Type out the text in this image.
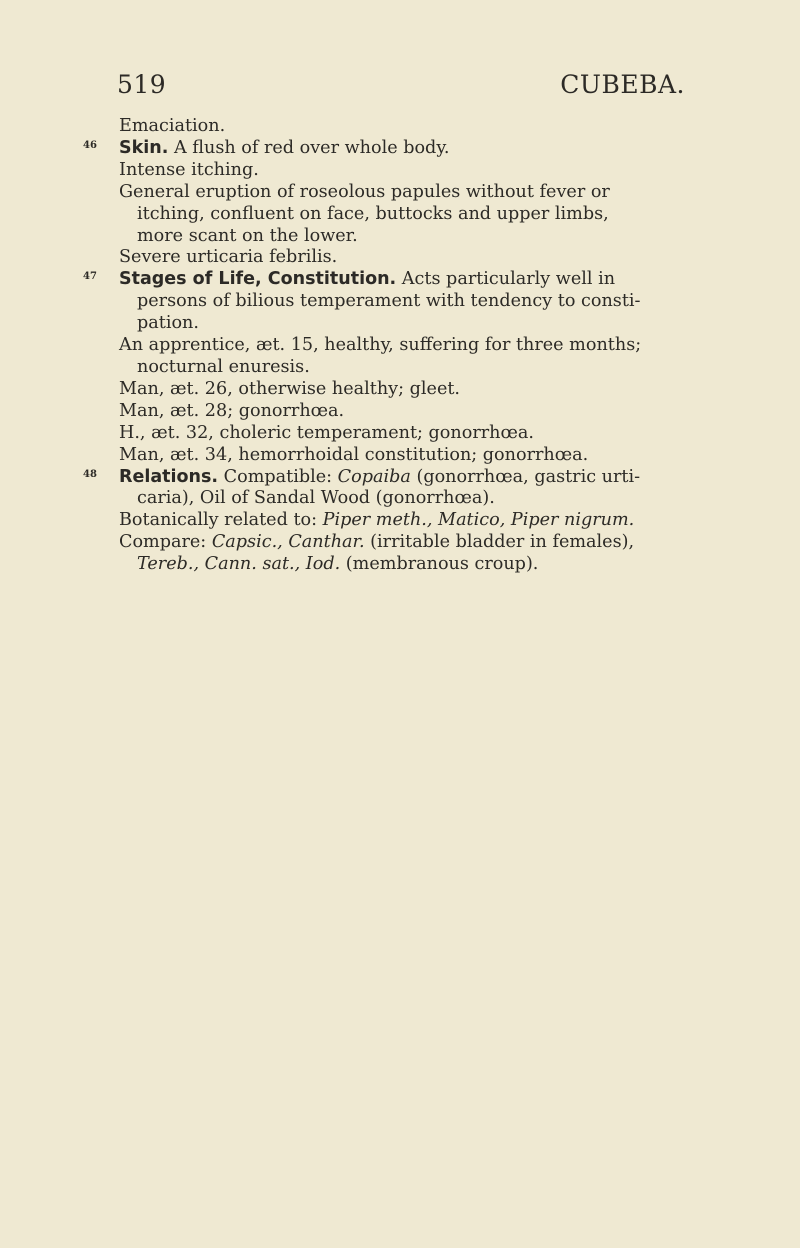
519	CUBEBA.
Emaciation.
46 Skin. A flush of red over whole body.
Intense itching.
General eruption of roseolous papules without fever or
itching, confluent on face, buttocks and upper limbs,
more scant on the lower.
Severe urticaria febrilis.
47 Stages of Life, Constitution. Acts particularly well in
persons of bilious temperament with tendency to consti-
pation.
An apprentice, æt. 15, healthy, suffering for three months;
nocturnal enuresis.
Man, æt. 26, otherwise healthy; gleet.
Man, æt. 28; gonorrhœa.
H., æt. 32, choleric temperament; gonorrhœa.
Man, æt. 34, hemorrhoidal constitution; gonorrhœa.
48 Relations. Compatible: Copaiba (gonorrhœa, gastric urti-
caria), Oil of Sandal Wood (gonorrhœa).
Botanically related to: Piper meth., Matico, Piper nigrum.
Compare: Capsic., Canthar. (irritable bladder in females),
Tereb., Cann. sat., Iod. (membranous croup).
